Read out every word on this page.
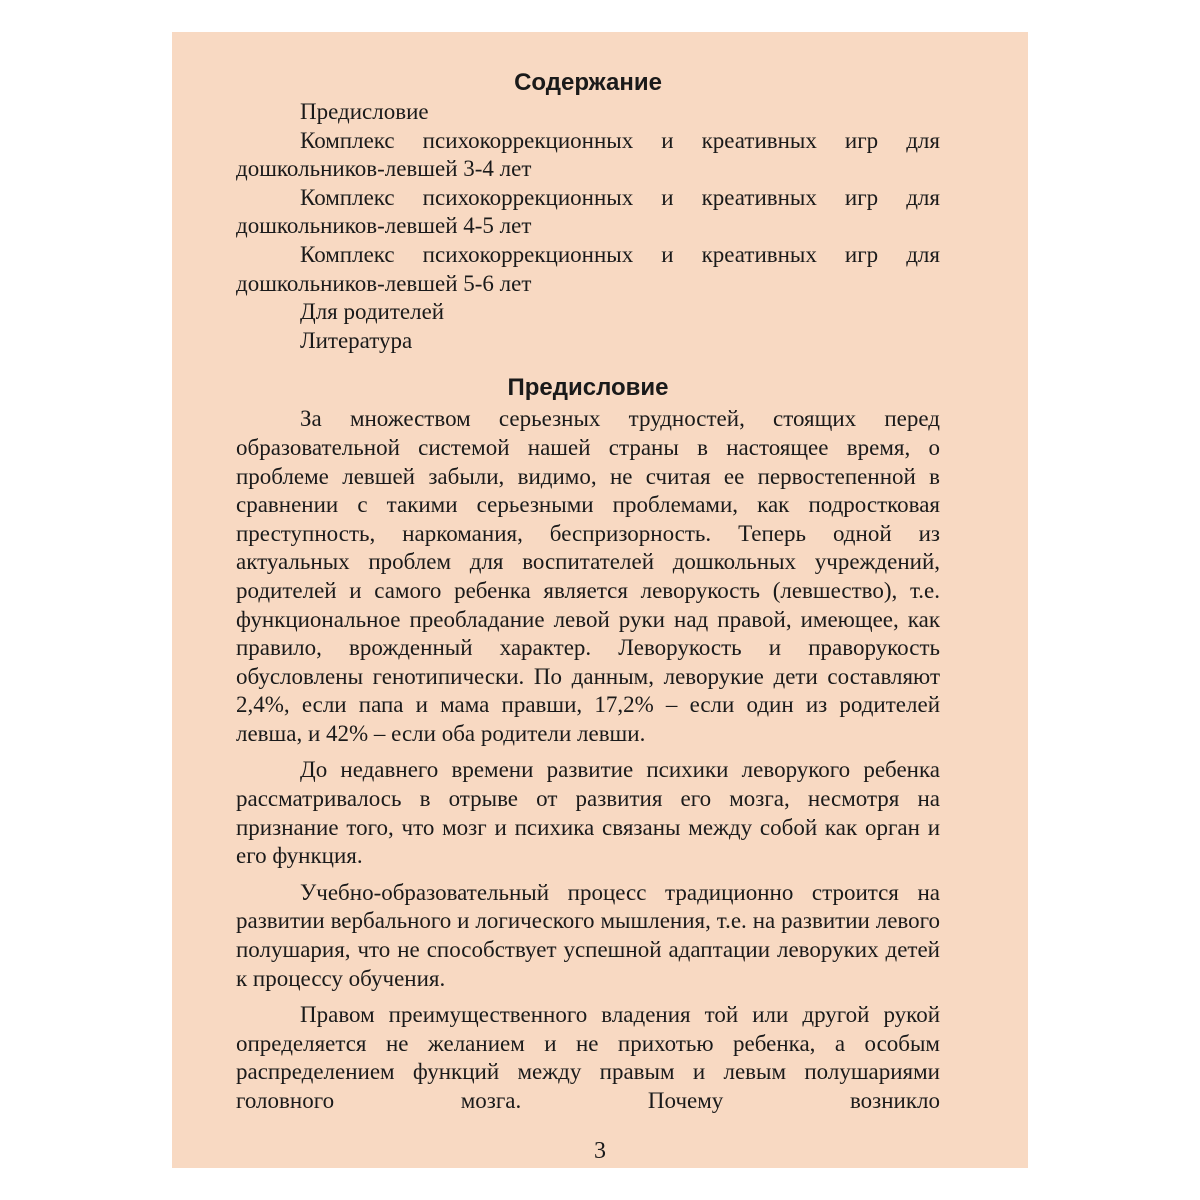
Содержание

Предисловие

Комплекс психокоррекционных и креативных игр для дошкольников-левшей 3-4 лет

Комплекс психокоррекционных и креативных игр для дошкольников-левшей 4-5 лет

Комплекс психокоррекционных и креативных игр для дошкольников-левшей 5-6 лет

Для родителей

Литература

Предисловие

За множеством серьезных трудностей, стоящих перед образовательной системой нашей страны в настоящее время, о проблеме левшей забыли, видимо, не считая ее первостепенной в сравнении с такими серьезными проблемами, как подростковая преступность, наркомания, беспризорность. Теперь одной из актуальных проблем для воспитателей дошкольных учреждений, родителей и самого ребенка является леворукость (левшество), т.е. функциональное преобладание левой руки над правой, имеющее, как правило, врожденный характер. Леворукость и праворукость обусловлены генотипически. По данным, леворукие дети составляют 2,4%, если папа и мама правши, 17,2% – если один из родителей левша, и 42% – если оба родители левши.

До недавнего времени развитие психики леворукого ребенка рассматривалось в отрыве от развития его мозга, несмотря на признание того, что мозг и психика связаны между собой как орган и его функция.

Учебно-образовательный процесс традиционно строится на развитии вербального и логического мышления, т.е. на развитии левого полушария, что не способствует успешной адаптации леворуких детей к процессу обучения.

Правом преимущественного владения той или другой рукой определяется не желанием и не прихотью ребенка, а особым распределением функций между правым и левым полушариями головного мозга. Почему возникло

3
